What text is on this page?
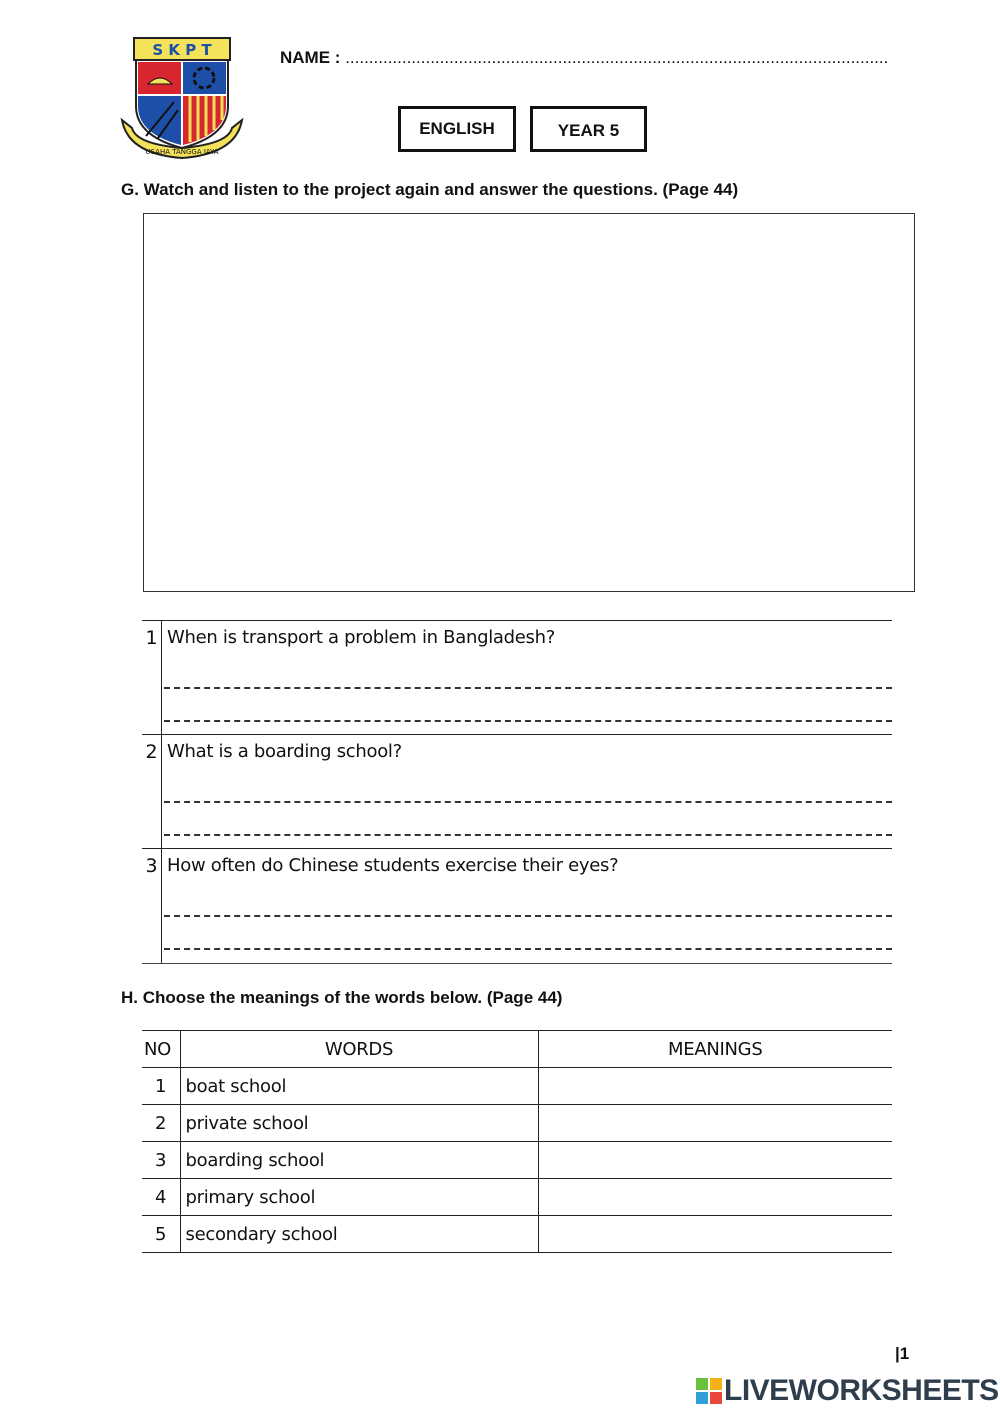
S K P T
USAHA TANGGA JAYA
NAME : ...................................................................................................................
ENGLISH	YEAR 5
G. Watch and listen to the project again and answer the questions. (Page 44)
1 When is transport a problem in Bangladesh?
2 What is a boarding school?
3 How often do Chinese students exercise their eyes?
H. Choose the meanings of the words below. (Page 44)
NO	WORDS	MEANINGS
1	boat school	
2	private school	
3	boarding school	
4	primary school	
5	secondary school	
|1
LIVEWORKSHEETS
